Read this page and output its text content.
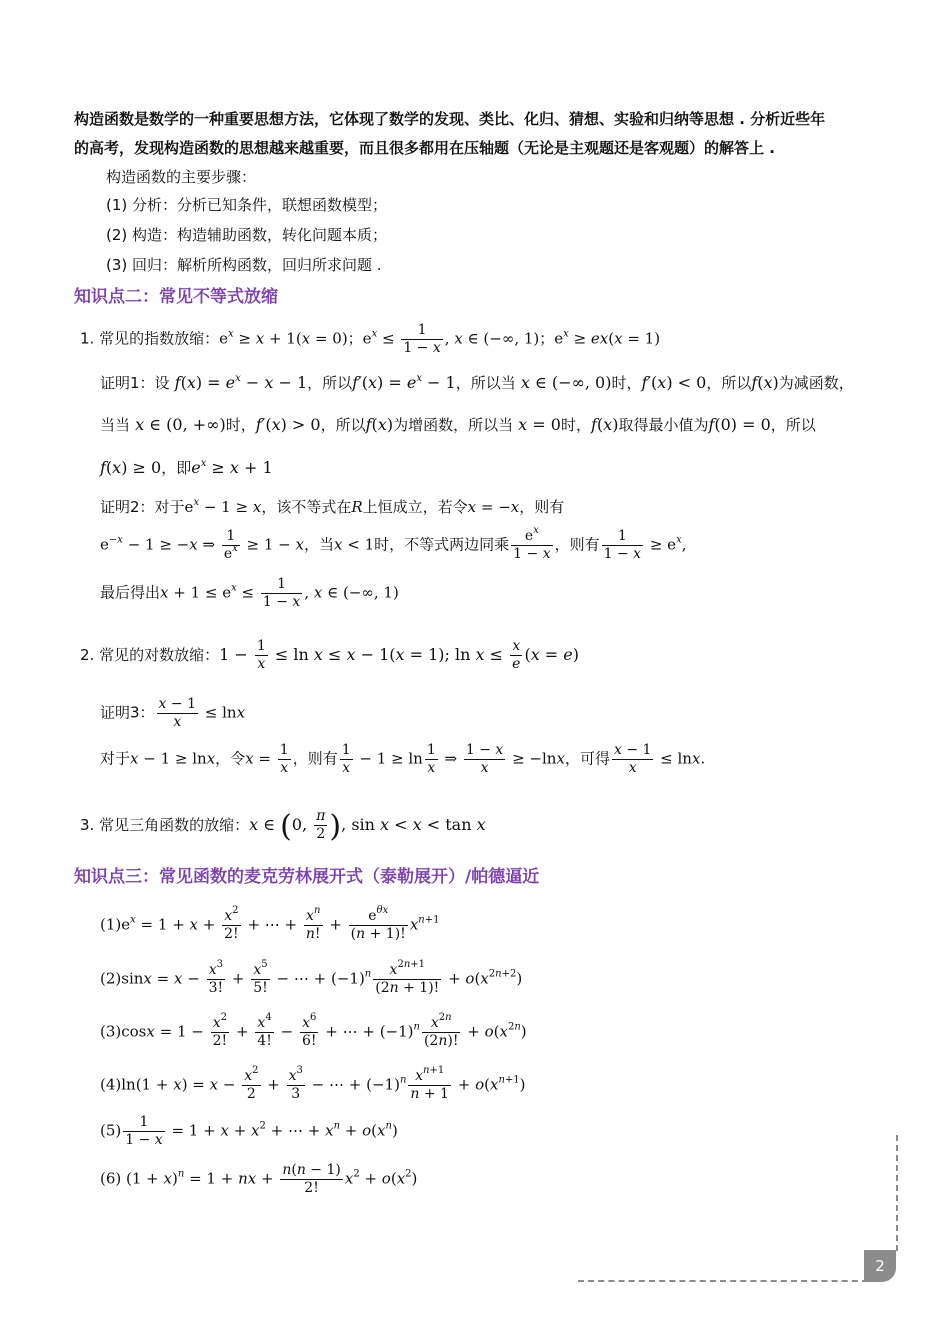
构造函数是数学的一种重要思想方法，它体现了数学的发现、类比、化归、猜想、实验和归纳等思想 . 分析近些年
的高考，发现构造函数的思想越来越重要，而且很多都用在压轴题（无论是主观题还是客观题）的解答上 .
构造函数的主要步骤：
(1) 分析：分析已知条件，联想函数模型；
(2) 构造：构造辅助函数，转化问题本质；
(3) 回归：解析所构函数，回归所求问题 .
知识点二：常见不等式放缩
1. 常见的指数放缩：$e^x \ge x + 1(x = 0)$；$e^x \le \frac{1}{1 - x}$ , x ∈ (−∞, 1)；$e^x \ge ex(x = 1)$
证明1：设 $f(x) = e^x - x - 1$，所以$f'(x) = e^x - 1$，所以当 x ∈ (−∞, 0)时，f′(x) < 0，所以f(x)为减函数，
当当 x ∈ (0, +∞)时，f′(x) > 0，所以f(x)为增函数，所以当 x = 0时，f(x)取得最小值为f(0) = 0，所以
f(x) ≥ 0，即$e^x \ge x + 1$
证明2：对于$e^x - 1 \ge x$，该不等式在R上恒成立，若令x = −x，则有
$e^{-x} - 1 \ge -x$ ⇒ $\frac{1}{e^x} \ge 1 - x$，当x < 1时，不等式两边同乘 $\frac{e^x}{1 - x}$ ，则有 $\frac{1}{1 - x} \ge e^x$,
最后得出$x + 1 \le e^x \le \frac{1}{1 - x}$ , x ∈ (−∞, 1)
2. 常见的对数放缩：$1 - \frac{1}{x} \le \ln x \le x - 1(x = 1)$; $\ln x \le \frac{x}{e} (x = e)$
证明3： $\frac{x - 1}{x} \le \ln x$
对于x − 1 ≥ lnx，令$x = \frac{1}{x}$ ，则有 $\frac{1}{x} - 1 \ge \ln \frac{1}{x}$ ⇒ $\frac{1 - x}{x} \ge -\ln x$，可得 $\frac{x - 1}{x} \le \ln x$.
3. 常见三角函数的放缩：x ∈ (0, $\frac{\pi}{2}$ ), sin x < x < tan x
知识点三：常见函数的麦克劳林展开式（泰勒展开）/帕德逼近
$(1)e^x = 1 + x + \frac{x^2}{2!}$ + ⋯ + $\frac{x^n}{n!} + \frac{e^{\theta x}}{(n + 1)!} x^{n+1}$
$(2)\sin x = x - \frac{x^3}{3!} + \frac{x^5}{5!}$ − ⋯ + $(-1)^n \frac{x^{2n+1}}{(2n + 1)!} + o(x^{2n+2})$
$(3)\cos x = 1 - \frac{x^2}{2!} + \frac{x^4}{4!} - \frac{x^6}{6!}$ + ⋯ + $(-1)^n \frac{x^{2n}}{(2n)!} + o(x^{2n})$
$(4)\ln(1 + x) = x - \frac{x^2}{2} + \frac{x^3}{3}$ − ⋯ + $(-1)^n \frac{x^{n+1}}{n + 1} + o(x^{n+1})$
$(5) \frac{1}{1 - x} = 1 + x + x^2$ + ⋯ + $x^n + o(x^n)$
(6) $(1 + x)^n = 1$ + nx + $\frac{n(n - 1)}{2!} x^2 + o(x^2)$
2
